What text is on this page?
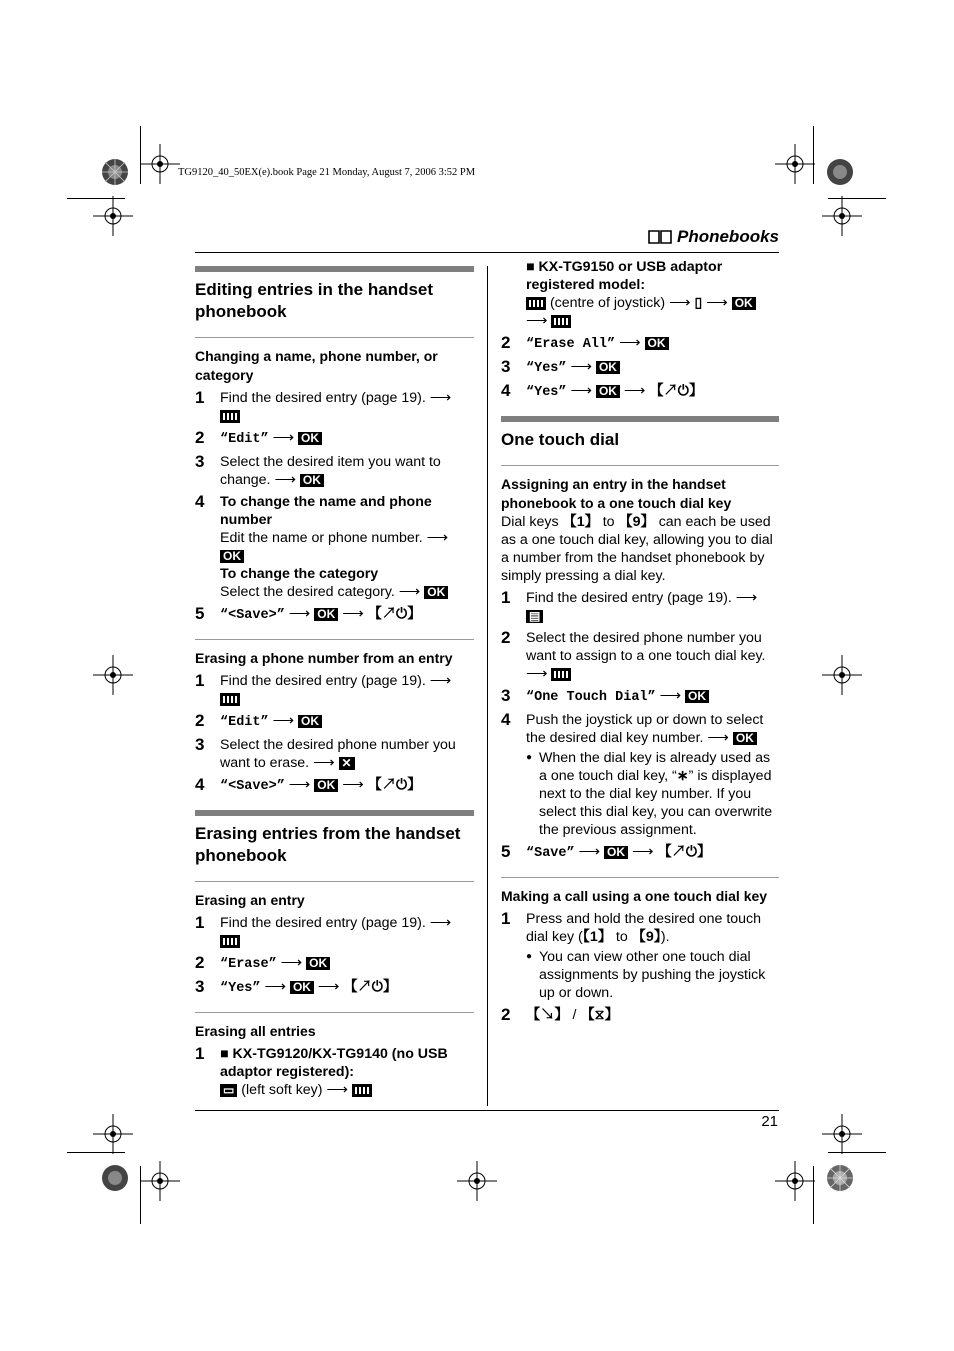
TG9120_40_50EX(e).book Page 21 Monday, August 7, 2006 3:52 PM
Phonebooks
Editing entries in the handset phonebook
Changing a name, phone number, or category
1	Find the desired entry (page 19). ⟶

2	“Edit” ⟶ OK
3	Select the desired item you want to change. ⟶ OK
4	To change the name and phone number
Edit the name or phone number. ⟶
OK
To change the category
Select the desired category. ⟶ OK
5	“<Save>” ⟶ OK ⟶ 【↗⏻】
Erasing a phone number from an entry
1	Find the desired entry (page 19). ⟶

2	“Edit” ⟶ OK
3	Select the desired phone number you want to erase. ⟶ ✕
4	“<Save>” ⟶ OK ⟶ 【↗⏻】
Erasing entries from the handset phonebook
Erasing an entry
1	Find the desired entry (page 19). ⟶

2	“Erase” ⟶ OK
3	“Yes” ⟶ OK ⟶ 【↗⏻】
Erasing all entries
1	■ KX-TG9120/KX-TG9140 (no USB adaptor registered):
▭ (left soft key) ⟶
■ KX-TG9150 or USB adaptor registered model:
(centre of joystick) ⟶ ▯ ⟶ OK
⟶
2	“Erase All” ⟶ OK
3	“Yes” ⟶ OK
4	“Yes” ⟶ OK ⟶ 【↗⏻】
One touch dial
Assigning an entry in the handset phonebook to a one touch dial key
Dial keys 【1】 to 【9】 can each be used as a one touch dial key, allowing you to dial a number from the handset phonebook by simply pressing a dial key.
1	Find the desired entry (page 19). ⟶
▤
2	Select the desired phone number you want to assign to a one touch dial key.
⟶
3	“One Touch Dial” ⟶ OK
4	Push the joystick up or down to select the desired dial key number. ⟶ OK
● When the dial key is already used as a one touch dial key, “∗” is displayed next to the dial key number. If you select this dial key, you can overwrite the previous assignment.
5	“Save” ⟶ OK ⟶ 【↗⏻】
Making a call using a one touch dial key
1	Press and hold the desired one touch dial key (【1】 to 【9】).
● You can view other one touch dial assignments by pushing the joystick up or down.
2	【↘】 / 【⧖】
21
